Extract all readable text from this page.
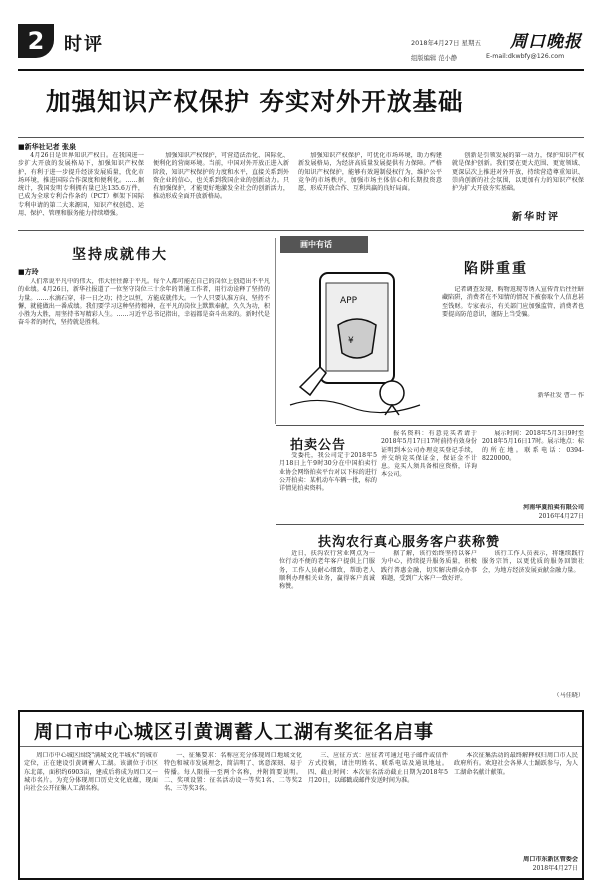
2 时评	2018年4月27日 星期五 周口晚报
组版编辑 范小静	E-mail:dkwbfy@126.com
加强知识产权保护 夯实对外开放基础
■新华社记者 张泉

4月26日是世界知识产权日。在我国进一步扩大开放的发展格局下，加强知识产权保护，有利于进一步提升经济发展质量，优化市场环境，推进国际合作深度和便利化。……据统计，我国发明专利拥有量已达135.6万件，已成为全球专利合作条约（PCT）框架下国际专利申请的第二大来源国，知识产权创造、运用、保护、管理和服务能力持续增强。

加强知识产权保护，可营造法治化、国际化、便利化的营商环境。当前，中国对外开放正进入新阶段，知识产权保护的力度和水平，直接关系到外资企业的信心，也关系到我国企业的创新动力。只有加强保护，才能更好地激发全社会的创新活力，推动形成全面开放新格局。

加强知识产权保护，可优化市场环境，助力构建新发展格局，为经济高质量发展提供有力保障。严格的知识产权保护，能够有效遏制侵权行为，维护公平竞争的市场秩序，加强市场主体信心和长期投资意愿，形成开放合作、互利共赢的良好局面。

创新是引领发展的第一动力，保护知识产权就是保护创新。我们要在更大范围、更宽领域、更深层次上推进对外开放，持续营造尊重知识、崇尚创新的社会氛围，以更加有力的知识产权保护为扩大开放夯实基础。

新华时评
坚持成就伟大
■方玲

人们常说平凡中的伟大，伟大往往源于平凡。每个人都可能在自己的岗位上创造出不平凡的业绩。4月26日，新华社报道了一位坚守岗位三十余年的普通工作者，用行动诠释了坚持的力量。……水滴石穿，非一日之功；持之以恒，方能成就伟大。一个人只要认准方向、坚持不懈，就能做出一番成绩。我们要学习这种坚持精神，在平凡的岗位上默默奉献，久久为功，积小胜为大胜，用坚持书写精彩人生。……习近平总书记指出，幸福都是奋斗出来的。新时代是奋斗者的时代，坚持就是胜利。

画中有话
APP
¥
陷阱重重

记者调查发现，购物返现等诱人宣传背后往往暗藏陷阱，消费者在不知情的情况下被套取个人信息甚至钱财。专家表示，有关部门应加强监管，消费者也要提高防范意识，谨防上当受骗。

新华社发 曹一 作
拍卖公告

受委托，我公司定于2018年5月18日上午9时30分在中国拍卖行业协会网络拍卖平台对以下标的进行公开拍卖：某机动车车辆一批，标的详情见拍卖资料。

报名资料：有意竞买者请于2018年5月17日17时前持有效身份证明到本公司办理竞买登记手续，并交纳竞买保证金，保证金不计息。竞买人须具备相应资格，详询本公司。

展示时间：2018年5月3日9时至2018年5月16日17时。展示地点：标的所在地。联系电话：0394-8220000。

河南华夏拍卖有限公司
2016年4月27日
扶沟农行真心服务客户获称赞

近日，扶沟农行营业网点为一位行动不便的老年客户提供上门服务，工作人员耐心细致，帮助老人顺利办理相关业务，赢得客户真诚称赞。

据了解，该行始终坚持以客户为中心，持续提升服务质量，积极践行普惠金融，切实解决群众办事难题，受到广大客户一致好评。

该行工作人员表示，将继续践行服务宗旨，以更优质的服务回馈社会，为地方经济发展贡献金融力量。

（马佳晓）
周口市中心城区引黄调蓄人工湖有奖征名启事

周口市中心城区围绕"满城文化半城水"的城市定位，正在建设引黄调蓄人工湖。该湖位于市区东北部，面积约6903亩，建成后将成为周口又一城市名片。为充分体现周口历史文化底蕴，现面向社会公开征集人工湖名称。

一、征集要求：名称应充分体现周口地域文化特色和城市发展理念，简洁明了、寓意深刻、易于传播。每人限报一至两个名称，并附简要说明。二、奖项设置：征名活动设一等奖1名、二等奖2名、三等奖3名。

三、应征方式：应征者可通过电子邮件或信件方式投稿，请注明姓名、联系电话及通讯地址。四、截止时间：本次征名活动截止日期为2018年5月20日，以邮戳或邮件发送时间为准。

本次征集活动的最终解释权归周口市人民政府所有。欢迎社会各界人士踊跃参与，为人工湖命名献计献策。

周口市东新区管委会
2018年4月27日
